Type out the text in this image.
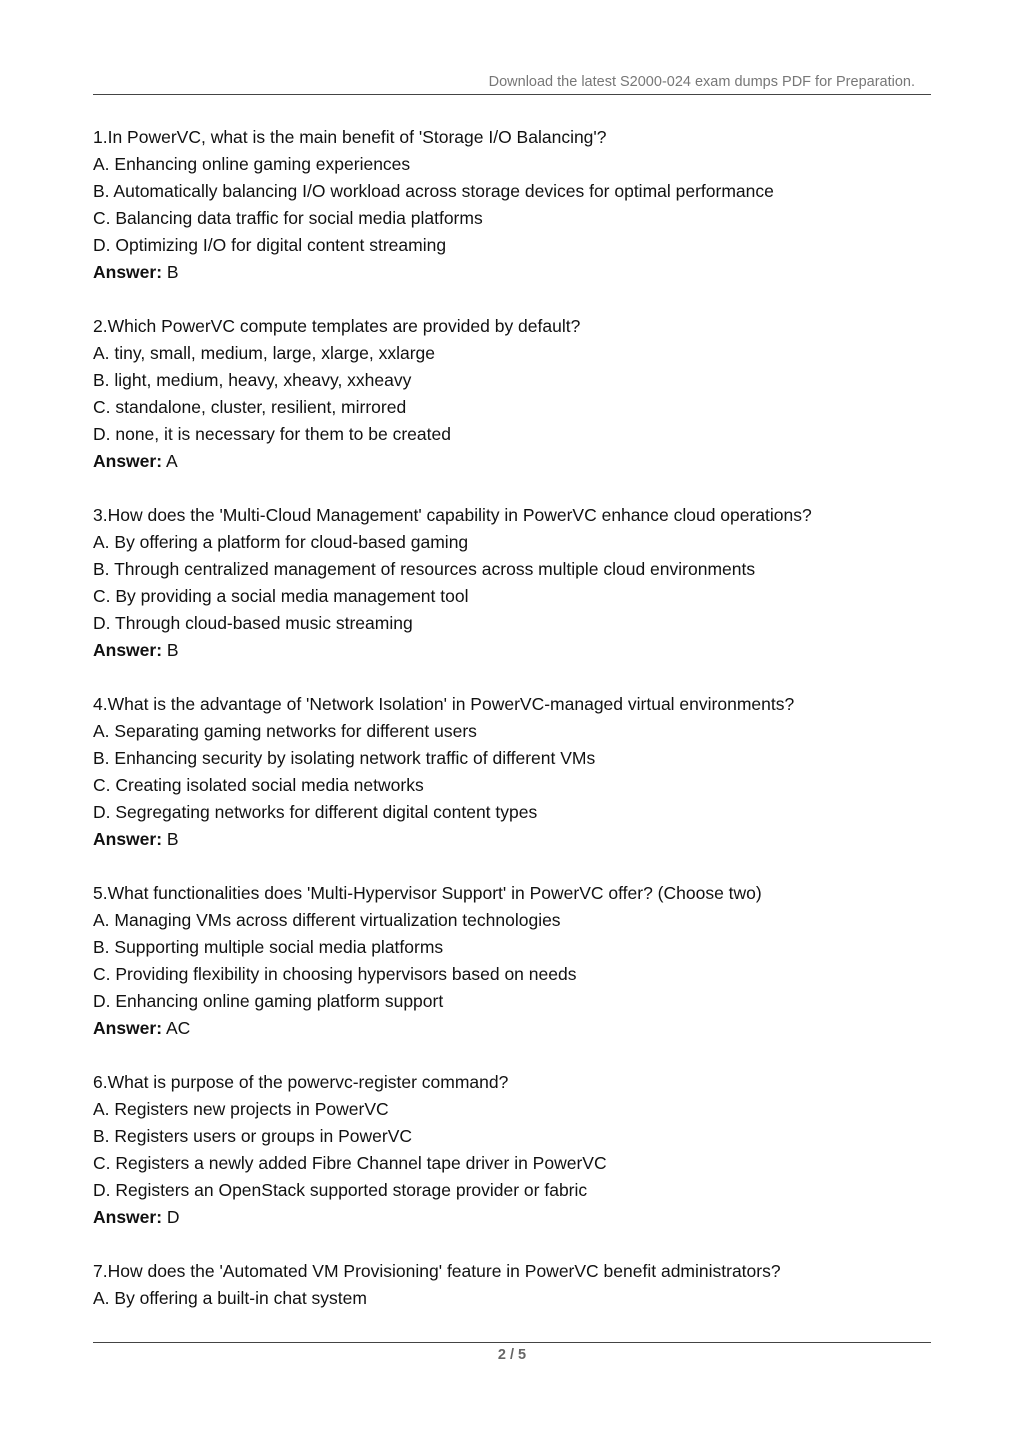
Download the latest S2000-024 exam dumps PDF for Preparation.
1.In PowerVC, what is the main benefit of 'Storage I/O Balancing'?
A. Enhancing online gaming experiences
B. Automatically balancing I/O workload across storage devices for optimal performance
C. Balancing data traffic for social media platforms
D. Optimizing I/O for digital content streaming
Answer: B
2.Which PowerVC compute templates are provided by default?
A. tiny, small, medium, large, xlarge, xxlarge
B. light, medium, heavy, xheavy, xxheavy
C. standalone, cluster, resilient, mirrored
D. none, it is necessary for them to be created
Answer: A
3.How does the 'Multi-Cloud Management' capability in PowerVC enhance cloud operations?
A. By offering a platform for cloud-based gaming
B. Through centralized management of resources across multiple cloud environments
C. By providing a social media management tool
D. Through cloud-based music streaming
Answer: B
4.What is the advantage of 'Network Isolation' in PowerVC-managed virtual environments?
A. Separating gaming networks for different users
B. Enhancing security by isolating network traffic of different VMs
C. Creating isolated social media networks
D. Segregating networks for different digital content types
Answer: B
5.What functionalities does 'Multi-Hypervisor Support' in PowerVC offer? (Choose two)
A. Managing VMs across different virtualization technologies
B. Supporting multiple social media platforms
C. Providing flexibility in choosing hypervisors based on needs
D. Enhancing online gaming platform support
Answer: AC
6.What is purpose of the powervc-register command?
A. Registers new projects in PowerVC
B. Registers users or groups in PowerVC
C. Registers a newly added Fibre Channel tape driver in PowerVC
D. Registers an OpenStack supported storage provider or fabric
Answer: D
7.How does the 'Automated VM Provisioning' feature in PowerVC benefit administrators?
A. By offering a built-in chat system
2 / 5
